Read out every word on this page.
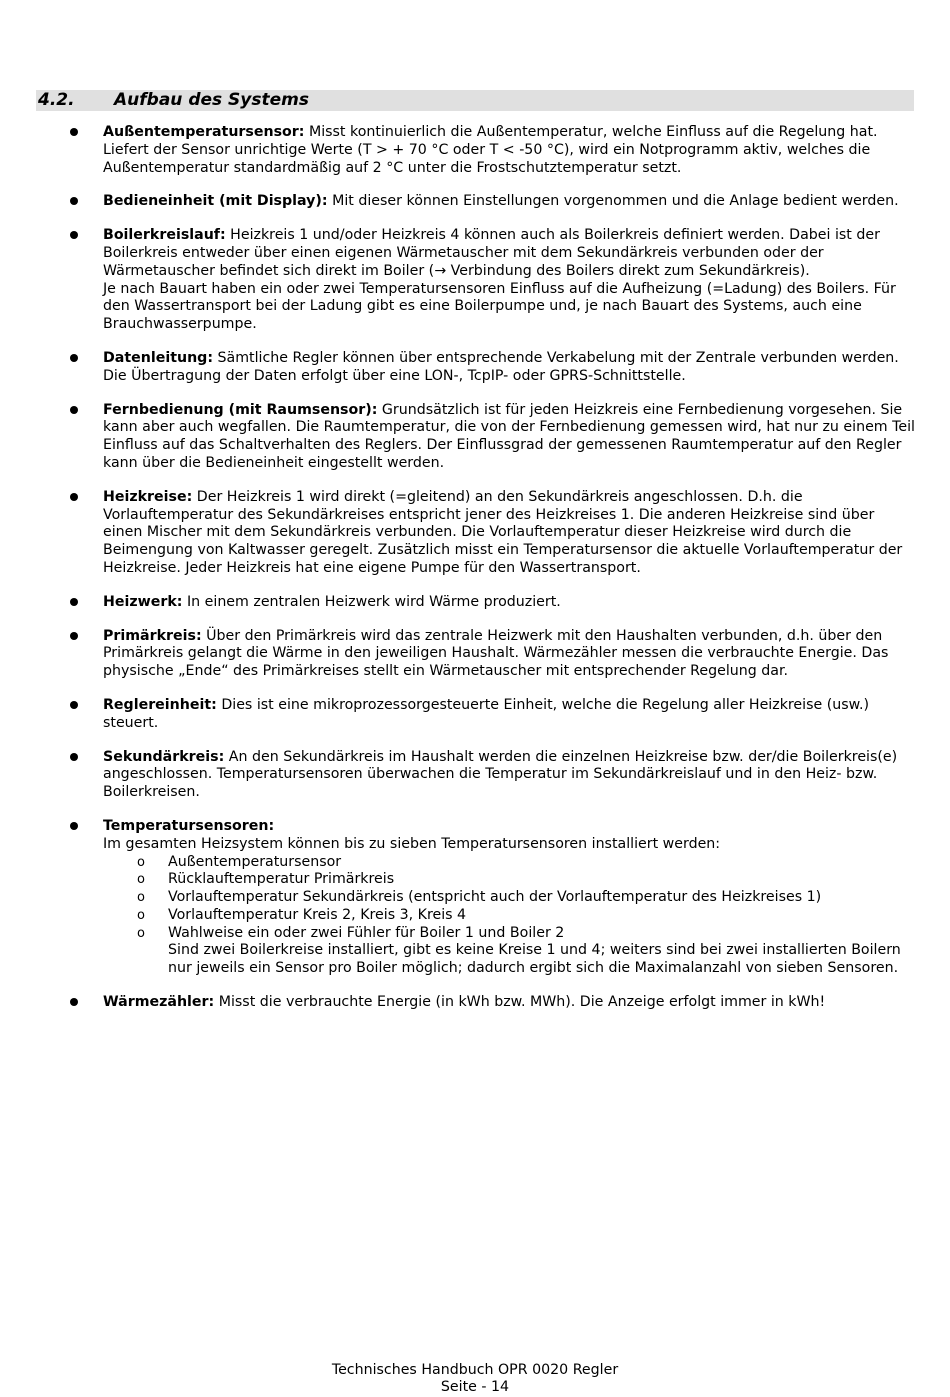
4.2. Aufbau des Systems
Außentemperatursensor: Misst kontinuierlich die Außentemperatur, welche Einfluss auf die Regelung hat. Liefert der Sensor unrichtige Werte (T > + 70 °C oder T < -50 °C), wird ein Notprogramm aktiv, welches die Außentemperatur standardmäßig auf 2 °C unter die Frostschutztemperatur setzt.
Bedieneinheit (mit Display): Mit dieser können Einstellungen vorgenommen und die Anlage bedient werden.
Boilerkreislauf: Heizkreis 1 und/oder Heizkreis 4 können auch als Boilerkreis definiert werden. Dabei ist der Boilerkreis entweder über einen eigenen Wärmetauscher mit dem Sekundärkreis verbunden oder der Wärmetauscher befindet sich direkt im Boiler (→ Verbindung des Boilers direkt zum Sekundärkreis).
Je nach Bauart haben ein oder zwei Temperatursensoren Einfluss auf die Aufheizung (=Ladung) des Boilers. Für den Wassertransport bei der Ladung gibt es eine Boilerpumpe und, je nach Bauart des Systems, auch eine Brauchwasserpumpe.
Datenleitung: Sämtliche Regler können über entsprechende Verkabelung mit der Zentrale verbunden werden. Die Übertragung der Daten erfolgt über eine LON-, TcpIP- oder GPRS-Schnittstelle.
Fernbedienung (mit Raumsensor): Grundsätzlich ist für jeden Heizkreis eine Fernbedienung vorgesehen. Sie kann aber auch wegfallen. Die Raumtemperatur, die von der Fernbedienung gemessen wird, hat nur zu einem Teil Einfluss auf das Schaltverhalten des Reglers. Der Einflussgrad der gemessenen Raumtemperatur auf den Regler kann über die Bedieneinheit eingestellt werden.
Heizkreise: Der Heizkreis 1 wird direkt (=gleitend) an den Sekundärkreis angeschlossen. D.h. die Vorlauftemperatur des Sekundärkreises entspricht jener des Heizkreises 1. Die anderen Heizkreise sind über einen Mischer mit dem Sekundärkreis verbunden. Die Vorlauftemperatur dieser Heizkreise wird durch die Beimengung von Kaltwasser geregelt. Zusätzlich misst ein Temperatursensor die aktuelle Vorlauftemperatur der Heizkreise. Jeder Heizkreis hat eine eigene Pumpe für den Wassertransport.
Heizwerk: In einem zentralen Heizwerk wird Wärme produziert.
Primärkreis: Über den Primärkreis wird das zentrale Heizwerk mit den Haushalten verbunden, d.h. über den Primärkreis gelangt die Wärme in den jeweiligen Haushalt. Wärmezähler messen die verbrauchte Energie. Das physische „Ende“ des Primärkreises stellt ein Wärmetauscher mit entsprechender Regelung dar.
Reglereinheit: Dies ist eine mikroprozessorgesteuerte Einheit, welche die Regelung aller Heizkreise (usw.) steuert.
Sekundärkreis: An den Sekundärkreis im Haushalt werden die einzelnen Heizkreise bzw. der/die Boilerkreis(e) angeschlossen. Temperatursensoren überwachen die Temperatur im Sekundärkreislauf und in den Heiz- bzw. Boilerkreisen.
Temperatursensoren:
Im gesamten Heizsystem können bis zu sieben Temperatursensoren installiert werden:
o Außentemperatursensor
o Rücklauftemperatur Primärkreis
o Vorlauftemperatur Sekundärkreis (entspricht auch der Vorlauftemperatur des Heizkreises 1)
o Vorlauftemperatur Kreis 2, Kreis 3, Kreis 4
o Wahlweise ein oder zwei Fühler für Boiler 1 und Boiler 2
Sind zwei Boilerkreise installiert, gibt es keine Kreise 1 und 4; weiters sind bei zwei installierten Boilern nur jeweils ein Sensor pro Boiler möglich; dadurch ergibt sich die Maximalanzahl von sieben Sensoren.
Wärmezähler: Misst die verbrauchte Energie (in kWh bzw. MWh). Die Anzeige erfolgt immer in kWh!
Technisches Handbuch OPR 0020 Regler
Seite - 14
